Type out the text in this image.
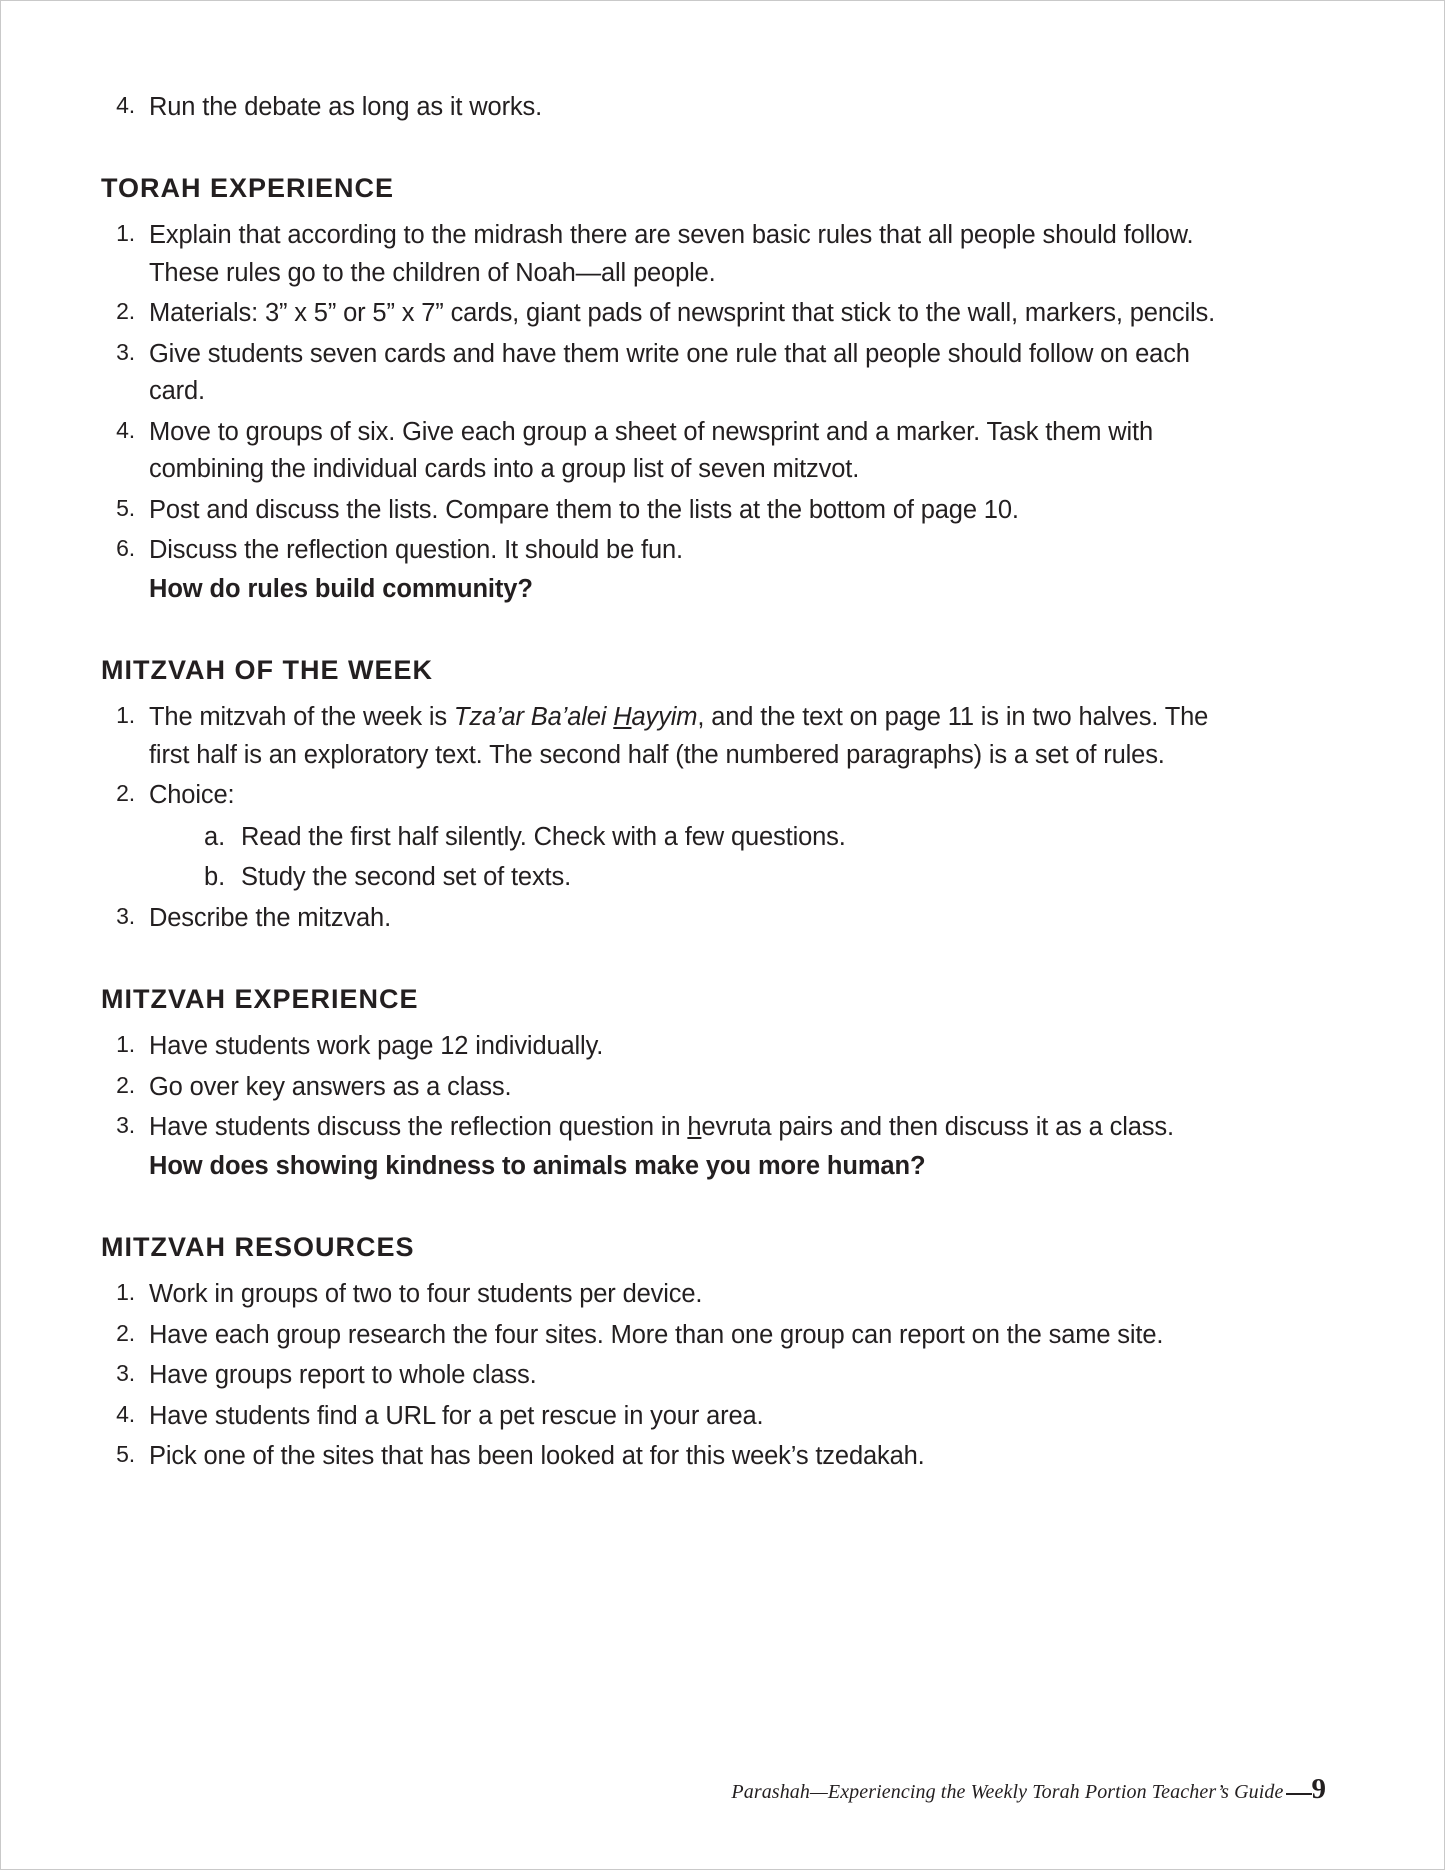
4. Run the debate as long as it works.
TORAH EXPERIENCE
1. Explain that according to the midrash there are seven basic rules that all people should follow. These rules go to the children of Noah—all people.
2. Materials: 3” x 5” or 5” x 7” cards, giant pads of newsprint that stick to the wall, markers, pencils.
3. Give students seven cards and have them write one rule that all people should follow on each card.
4. Move to groups of six. Give each group a sheet of newsprint and a marker. Task them with combining the individual cards into a group list of seven mitzvot.
5. Post and discuss the lists. Compare them to the lists at the bottom of page 10.
6. Discuss the reflection question. It should be fun.
How do rules build community?
MITZVAH OF THE WEEK
1. The mitzvah of the week is Tza’ar Ba’alei Hayyim, and the text on page 11 is in two halves. The first half is an exploratory text. The second half (the numbered paragraphs) is a set of rules.
2. Choice:
a. Read the first half silently. Check with a few questions.
b. Study the second set of texts.
3. Describe the mitzvah.
MITZVAH EXPERIENCE
1. Have students work page 12 individually.
2. Go over key answers as a class.
3. Have students discuss the reflection question in hevruta pairs and then discuss it as a class.
How does showing kindness to animals make you more human?
MITZVAH RESOURCES
1. Work in groups of two to four students per device.
2. Have each group research the four sites. More than one group can report on the same site.
3. Have groups report to whole class.
4. Have students find a URL for a pet rescue in your area.
5. Pick one of the sites that has been looked at for this week’s tzedakah.
Parashah—Experiencing the Weekly Torah Portion Teacher’s Guide 9
